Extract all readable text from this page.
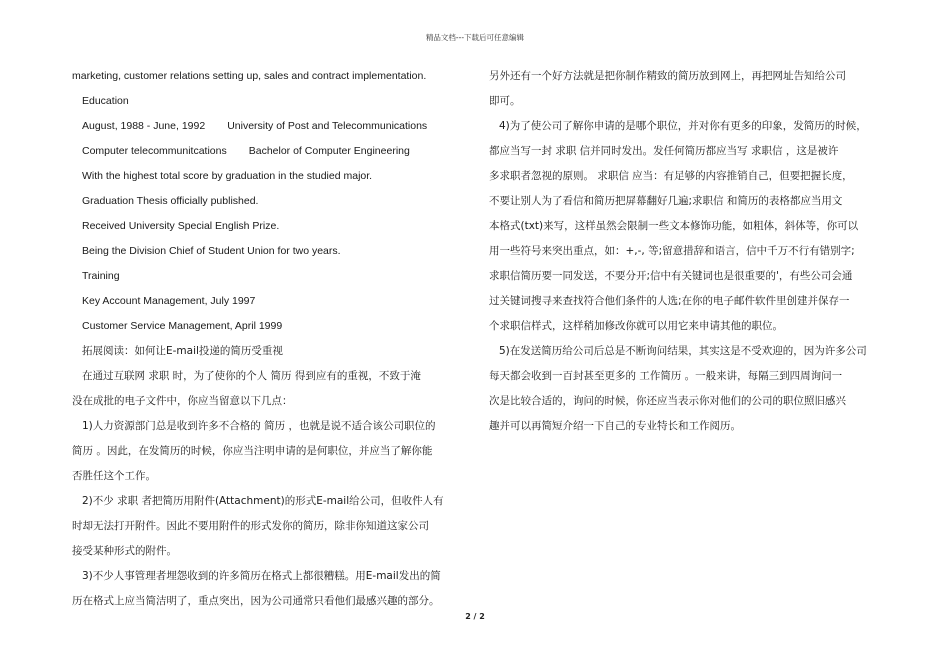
精品文档---下载后可任意编辑
marketing, customer relations setting up, sales and contract implementation.
Education
August, 1988 - June, 1992 University of Post and Telecommunications
Computer telecommunitcations Bachelor of Computer Engineering
With the highest total score by graduation in the studied major.
Graduation Thesis officially published.
Received University Special English Prize.
Being the Division Chief of Student Union for two years.
Training
Key Account Management, July 1997
Customer Service Management, April 1999
拓展阅读：如何让E-mail投递的简历受重视
在通过互联网 求职 时，为了使你的个人 简历 得到应有的重视，不致于淹
没在成批的电子文件中，你应当留意以下几点：
1)人力资源部门总是收到许多不合格的 简历 ，也就是说不适合该公司职位的
简历 。因此，在发简历的时候，你应当注明申请的是何职位，并应当了解你能
否胜任这个工作。
2)不少 求职 者把简历用附件(Attachment)的形式E-mail给公司，但收件人有
时却无法打开附件。因此不要用附件的形式发你的简历，除非你知道这家公司
接受某种形式的附件。
3)不少人事管理者埋怨收到的许多简历在格式上都很糟糕。用E-mail发出的简
历在格式上应当简洁明了，重点突出，因为公司通常只看他们最感兴趣的部分。
另外还有一个好方法就是把你制作精致的简历放到网上，再把网址告知给公司
即可。
4)为了使公司了解你申请的是哪个职位，并对你有更多的印象，发简历的时候，
都应当写一封 求职 信并同时发出。发任何简历都应当写 求职信 ，这是被许
多求职者忽视的原则。 求职信 应当：有足够的内容推销自己，但要把握长度，
不要让别人为了看信和简历把屏幕翻好几遍;求职信 和简历的表格都应当用文
本格式(txt)来写，这样虽然会限制一些文本修饰功能，如粗体，斜体等，你可以
用一些符号来突出重点，如：+,-, 等;留意措辞和语言，信中千万不行有错别字;
求职信简历要一同发送，不要分开;信中有关键词也是很重要的'，有些公司会通
过关键词搜寻来查找符合他们条件的人选;在你的电子邮件软件里创建并保存一
个求职信样式，这样稍加修改你就可以用它来申请其他的职位。
5)在发送简历给公司后总是不断询问结果，其实这是不受欢迎的，因为许多公司
每天都会收到一百封甚至更多的 工作简历 。一般来讲，每隔三到四周询问一
次是比较合适的，询问的时候，你还应当表示你对他们的公司的职位照旧感兴
趣并可以再简短介绍一下自己的专业特长和工作阅历。
2 / 2
